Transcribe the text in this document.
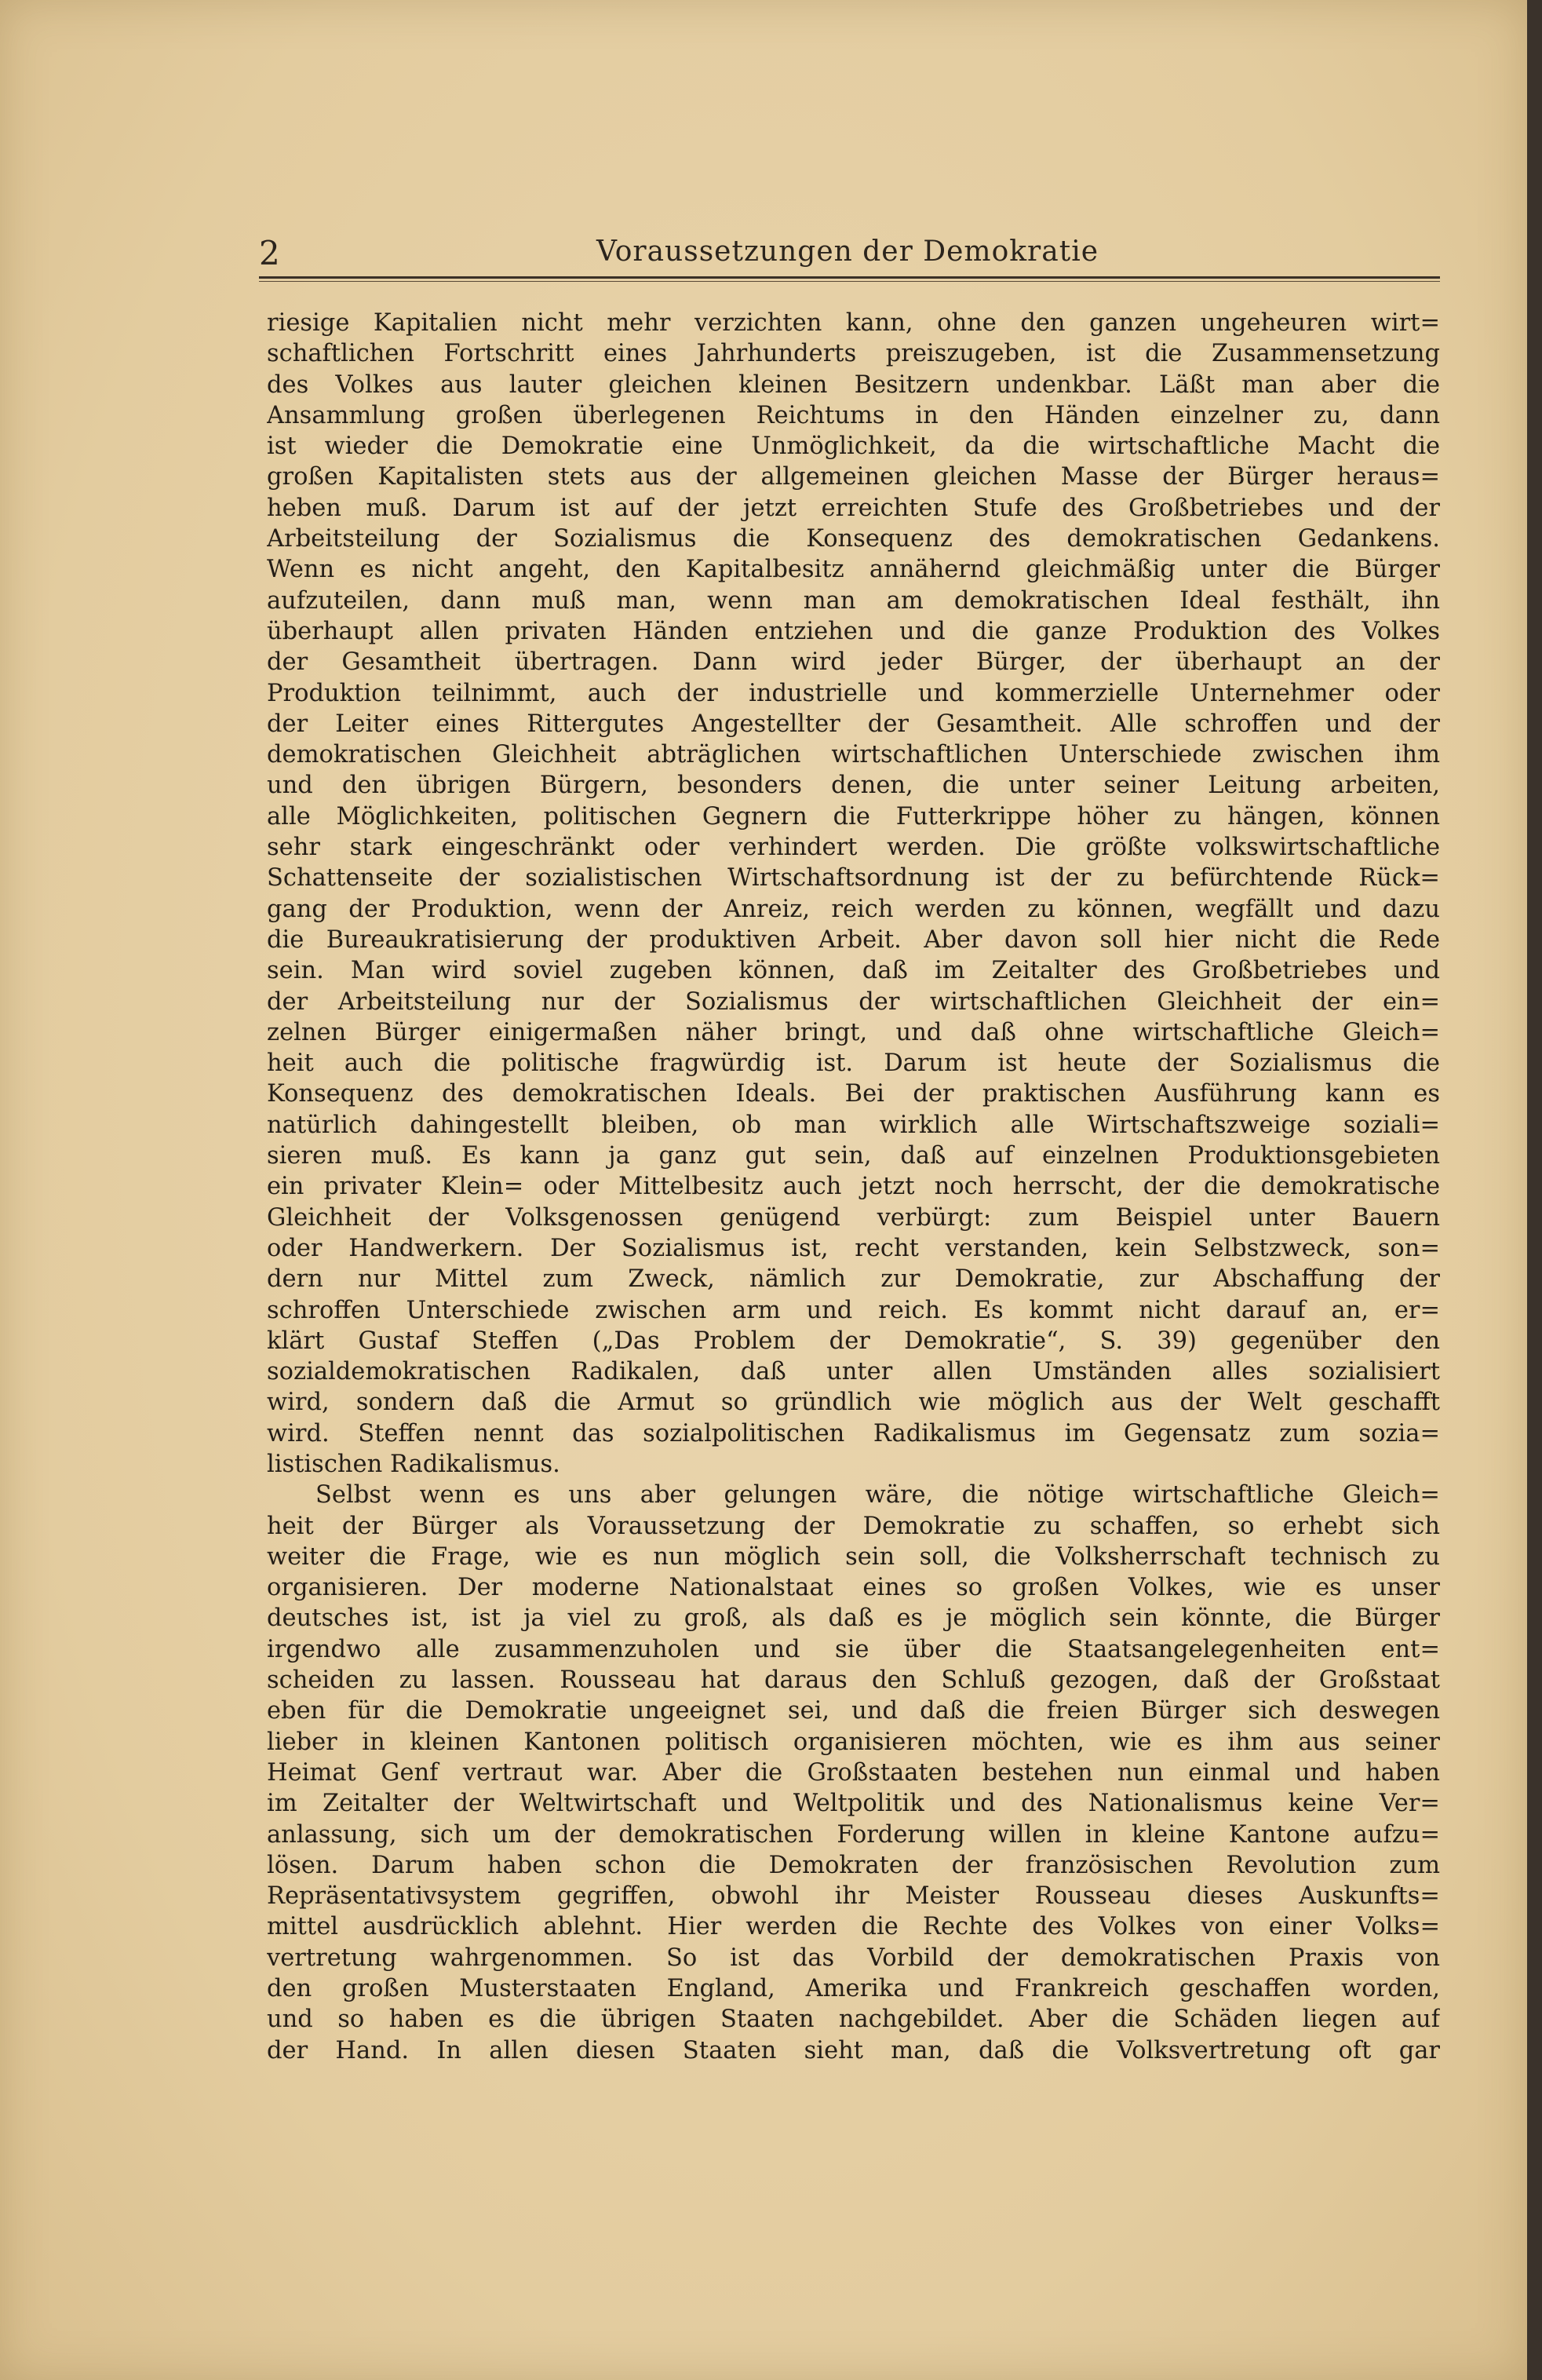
2	Voraussetzungen der Demokratie
riesige Kapitalien nicht mehr verzichten kann, ohne den ganzen ungeheuren wirt=
schaftlichen Fortschritt eines Jahrhunderts preiszugeben, ist die Zusammensetzung
des Volkes aus lauter gleichen kleinen Besitzern undenkbar. Läßt man aber die
Ansammlung großen überlegenen Reichtums in den Händen einzelner zu, dann
ist wieder die Demokratie eine Unmöglichkeit, da die wirtschaftliche Macht die
großen Kapitalisten stets aus der allgemeinen gleichen Masse der Bürger heraus=
heben muß. Darum ist auf der jetzt erreichten Stufe des Großbetriebes und der
Arbeitsteilung der Sozialismus die Konsequenz des demokratischen Gedankens.
Wenn es nicht angeht, den Kapitalbesitz annähernd gleichmäßig unter die Bürger
aufzuteilen, dann muß man, wenn man am demokratischen Ideal festhält, ihn
überhaupt allen privaten Händen entziehen und die ganze Produktion des Volkes
der Gesamtheit übertragen. Dann wird jeder Bürger, der überhaupt an der
Produktion teilnimmt, auch der industrielle und kommerzielle Unternehmer oder
der Leiter eines Rittergutes Angestellter der Gesamtheit. Alle schroffen und der
demokratischen Gleichheit abträglichen wirtschaftlichen Unterschiede zwischen ihm
und den übrigen Bürgern, besonders denen, die unter seiner Leitung arbeiten,
alle Möglichkeiten, politischen Gegnern die Futterkrippe höher zu hängen, können
sehr stark eingeschränkt oder verhindert werden. Die größte volkswirtschaftliche
Schattenseite der sozialistischen Wirtschaftsordnung ist der zu befürchtende Rück=
gang der Produktion, wenn der Anreiz, reich werden zu können, wegfällt und dazu
die Bureaukratisierung der produktiven Arbeit. Aber davon soll hier nicht die Rede
sein. Man wird soviel zugeben können, daß im Zeitalter des Großbetriebes und
der Arbeitsteilung nur der Sozialismus der wirtschaftlichen Gleichheit der ein=
zelnen Bürger einigermaßen näher bringt, und daß ohne wirtschaftliche Gleich=
heit auch die politische fragwürdig ist. Darum ist heute der Sozialismus die
Konsequenz des demokratischen Ideals. Bei der praktischen Ausführung kann es
natürlich dahingestellt bleiben, ob man wirklich alle Wirtschaftszweige soziali=
sieren muß. Es kann ja ganz gut sein, daß auf einzelnen Produktionsgebieten
ein privater Klein= oder Mittelbesitz auch jetzt noch herrscht, der die demokratische
Gleichheit der Volksgenossen genügend verbürgt: zum Beispiel unter Bauern
oder Handwerkern. Der Sozialismus ist, recht verstanden, kein Selbstzweck, son=
dern nur Mittel zum Zweck, nämlich zur Demokratie, zur Abschaffung der
schroffen Unterschiede zwischen arm und reich. Es kommt nicht darauf an, er=
klärt Gustaf Steffen („Das Problem der Demokratie“, S. 39) gegenüber den
sozialdemokratischen Radikalen, daß unter allen Umständen alles sozialisiert
wird, sondern daß die Armut so gründlich wie möglich aus der Welt geschafft
wird. Steffen nennt das sozialpolitischen Radikalismus im Gegensatz zum sozia=
listischen Radikalismus.
Selbst wenn es uns aber gelungen wäre, die nötige wirtschaftliche Gleich=
heit der Bürger als Voraussetzung der Demokratie zu schaffen, so erhebt sich
weiter die Frage, wie es nun möglich sein soll, die Volksherrschaft technisch zu
organisieren. Der moderne Nationalstaat eines so großen Volkes, wie es unser
deutsches ist, ist ja viel zu groß, als daß es je möglich sein könnte, die Bürger
irgendwo alle zusammenzuholen und sie über die Staatsangelegenheiten ent=
scheiden zu lassen. Rousseau hat daraus den Schluß gezogen, daß der Großstaat
eben für die Demokratie ungeeignet sei, und daß die freien Bürger sich deswegen
lieber in kleinen Kantonen politisch organisieren möchten, wie es ihm aus seiner
Heimat Genf vertraut war. Aber die Großstaaten bestehen nun einmal und haben
im Zeitalter der Weltwirtschaft und Weltpolitik und des Nationalismus keine Ver=
anlassung, sich um der demokratischen Forderung willen in kleine Kantone aufzu=
lösen. Darum haben schon die Demokraten der französischen Revolution zum
Repräsentativsystem gegriffen, obwohl ihr Meister Rousseau dieses Auskunfts=
mittel ausdrücklich ablehnt. Hier werden die Rechte des Volkes von einer Volks=
vertretung wahrgenommen. So ist das Vorbild der demokratischen Praxis von
den großen Musterstaaten England, Amerika und Frankreich geschaffen worden,
und so haben es die übrigen Staaten nachgebildet. Aber die Schäden liegen auf
der Hand. In allen diesen Staaten sieht man, daß die Volksvertretung oft gar
